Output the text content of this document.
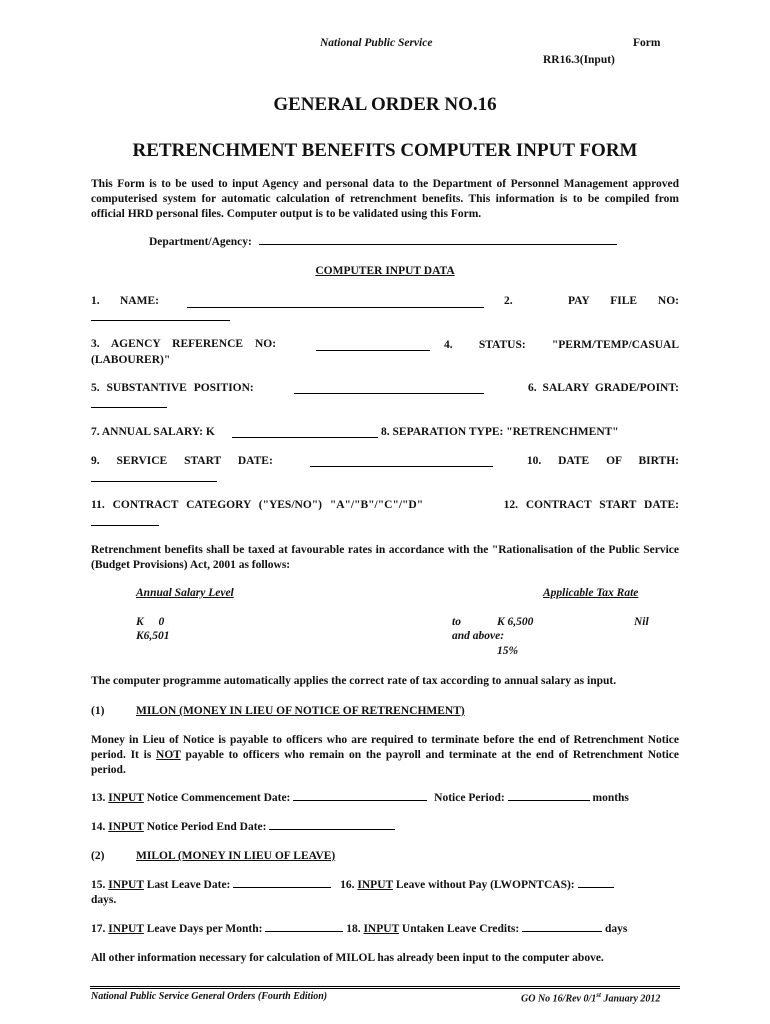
National Public Service	Form
RR16.3(Input)
GENERAL ORDER NO.16
RETRENCHMENT BENEFITS COMPUTER INPUT FORM
This Form is to be used to input Agency and personal data to the Department of Personnel Management approved computerised system for automatic calculation of retrenchment benefits. This information is to be compiled from official HRD personal files. Computer output is to be validated using this Form.
Department/Agency:
COMPUTER INPUT DATA
1. NAME:	2.	PAY FILE NO:
3. AGENCY REFERENCE NO:	4. STATUS: "PERM/TEMP/CASUAL (LABOURER)"
5. SUBSTANTIVE POSITION:	6. SALARY GRADE/POINT:
7. ANNUAL SALARY: K	8. SEPARATION TYPE: "RETRENCHMENT"
9. SERVICE START DATE:	10. DATE OF BIRTH:
11. CONTRACT CATEGORY ("YES/NO") "A"/"B"/"C"/"D"	12. CONTRACT START DATE:
Retrenchment benefits shall be taxed at favourable rates in accordance with the "Rationalisation of the Public Service (Budget Provisions) Act, 2001 as follows:
Annual Salary Level	Applicable Tax Rate
K 0	to	K 6,500	Nil
K6,501	and above:
15%
The computer programme automatically applies the correct rate of tax according to annual salary as input.
(1)	MILON (MONEY IN LIEU OF NOTICE OF RETRENCHMENT)
Money in Lieu of Notice is payable to officers who are required to terminate before the end of Retrenchment Notice period. It is NOT payable to officers who remain on the payroll and terminate at the end of Retrenchment Notice period.
13. INPUT Notice Commencement Date:	Notice Period:	months
14. INPUT Notice Period End Date:
(2)	MILOL (MONEY IN LIEU OF LEAVE)
15. INPUT Last Leave Date:	16. INPUT Leave without Pay (LWOPNTCAS):
days.
17. INPUT Leave Days per Month:	18. INPUT Untaken Leave Credits:	days
All other information necessary for calculation of MILOL has already been input to the computer above.
National Public Service General Orders (Fourth Edition)	GO No 16/Rev 0/1st January 2012
